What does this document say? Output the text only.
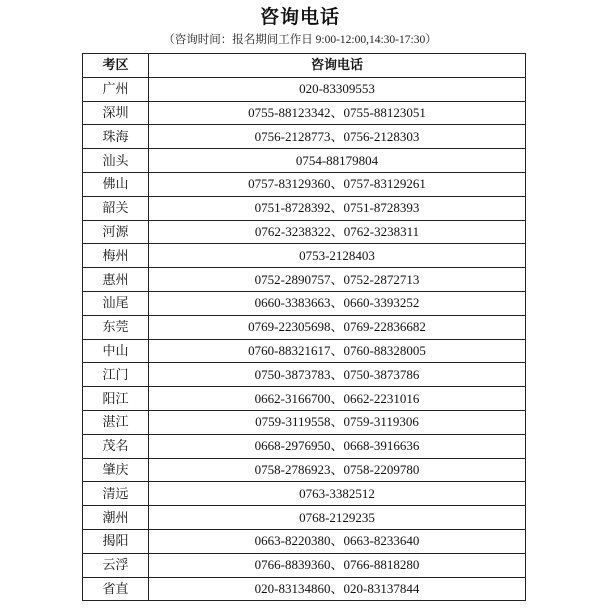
咨询电话
（咨询时间：报名期间工作日 9:00-12:00,14:30-17:30）
考区	咨询电话
广州	020-83309553
深圳	0755-88123342、0755-88123051
珠海	0756-2128773、0756-2128303
汕头	0754-88179804
佛山	0757-83129360、0757-83129261
韶关	0751-8728392、0751-8728393
河源	0762-3238322、0762-3238311
梅州	0753-2128403
惠州	0752-2890757、0752-2872713
汕尾	0660-3383663、0660-3393252
东莞	0769-22305698、0769-22836682
中山	0760-88321617、0760-88328005
江门	0750-3873783、0750-3873786
阳江	0662-3166700、0662-2231016
湛江	0759-3119558、0759-3119306
茂名	0668-2976950、0668-3916636
肇庆	0758-2786923、0758-2209780
清远	0763-3382512
潮州	0768-2129235
揭阳	0663-8220380、0663-8233640
云浮	0766-8839360、0766-8818280
省直	020-83134860、020-83137844
